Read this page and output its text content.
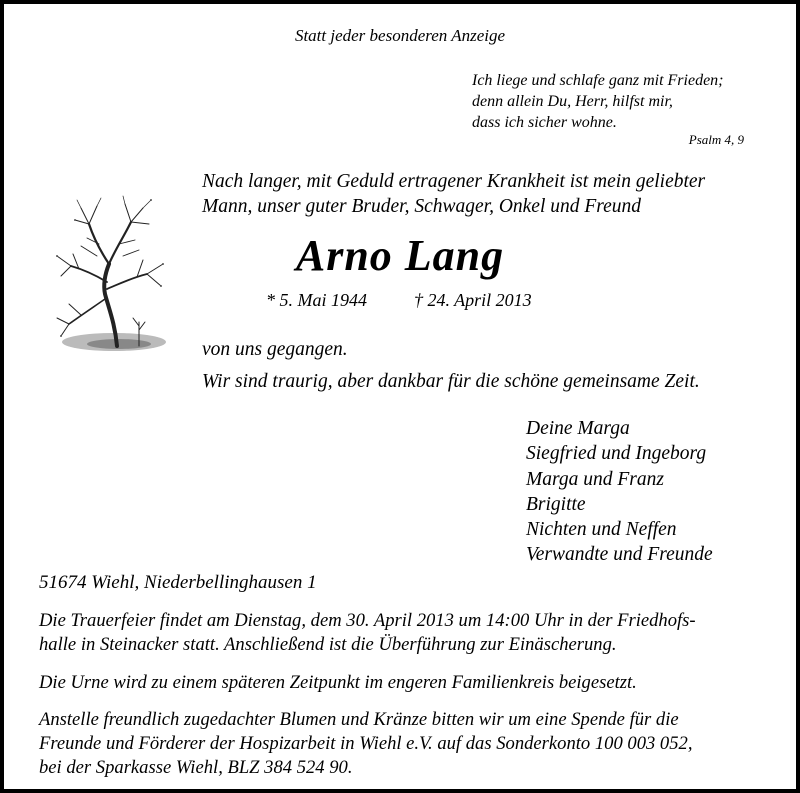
Statt jeder besonderen Anzeige
Ich liege und schlafe ganz mit Frieden;
denn allein Du, Herr, hilfst mir,
dass ich sicher wohne.
Psalm 4, 9
Nach langer, mit Geduld ertragener Krankheit ist mein geliebter
Mann, unser guter Bruder, Schwager, Onkel und Freund
Arno Lang
* 5. Mai 1944	† 24. April 2013
von uns gegangen.
Wir sind traurig, aber dankbar für die schöne gemeinsame Zeit.
Deine Marga
Siegfried und Ingeborg
Marga und Franz
Brigitte
Nichten und Neffen
Verwandte und Freunde
51674 Wiehl, Niederbellinghausen 1
Die Trauerfeier findet am Dienstag, dem 30. April 2013 um 14:00 Uhr in der Friedhofs-
halle in Steinacker statt. Anschließend ist die Überführung zur Einäscherung.
Die Urne wird zu einem späteren Zeitpunkt im engeren Familienkreis beigesetzt.
Anstelle freundlich zugedachter Blumen und Kränze bitten wir um eine Spende für die
Freunde und Förderer der Hospizarbeit in Wiehl e.V. auf das Sonderkonto 100 003 052,
bei der Sparkasse Wiehl, BLZ 384 524 90.
